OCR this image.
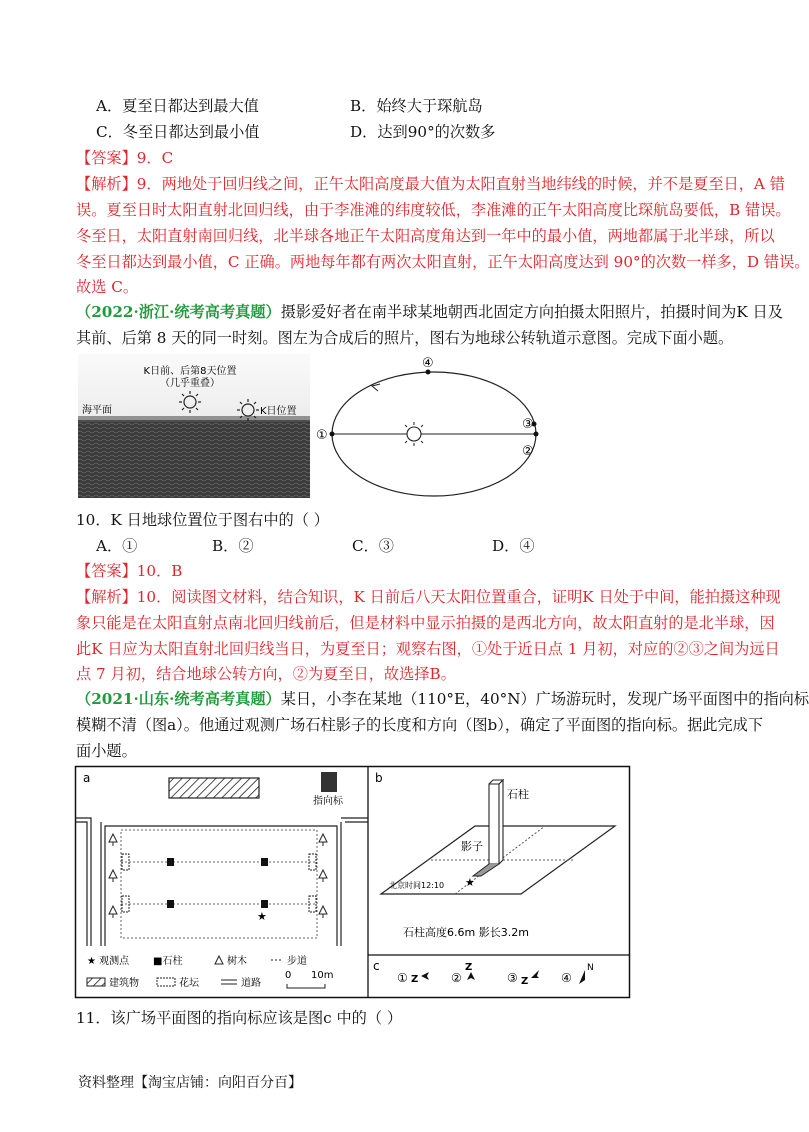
A．夏至日都达到最大值	B．始终大于琛航岛
C．冬至日都达到最小值	D．达到90°的次数多
【答案】9．C
【解析】9．两地处于回归线之间，正午太阳高度最大值为太阳直射当地纬线的时候，并不是夏至日，A 错
误。夏至日时太阳直射北回归线，由于李准滩的纬度较低，李准滩的正午太阳高度比琛航岛要低，B 错误。
冬至日，太阳直射南回归线，北半球各地正午太阳高度角达到一年中的最小值，两地都属于北半球，所以
冬至日都达到最小值，C 正确。两地每年都有两次太阳直射，正午太阳高度达到 90°的次数一样多，D 错误。
故选 C。
（2022·浙江·统考高考真题）摄影爱好者在南半球某地朝西北固定方向拍摄太阳照片，拍摄时间为K 日及
其前、后第 8 天的同一时刻。图左为合成后的照片，图右为地球公转轨道示意图。完成下面小题。
K日前、后第8天位置
（几乎重叠）
海平面	K日位置
①
②
③
④
10．K 日地球位置位于图右中的（ ）
A．①	B．②	C．③	D．④
【答案】10．B
【解析】10．阅读图文材料，结合知识，K 日前后八天太阳位置重合，证明K 日处于中间，能拍摄这种现
象只能是在太阳直射点南北回归线前后，但是材料中显示拍摄的是西北方向，故太阳直射的是北半球，因
此K 日应为太阳直射北回归线当日，为夏至日；观察右图，①处于近日点 1 月初，对应的②③之间为远日
点 7 月初，结合地球公转方向，②为夏至日，故选择B。
（2021·山东·统考高考真题）某日，小李在某地（110°E，40°N）广场游玩时，发现广场平面图中的指向标
模糊不清（图a）。他通过观测广场石柱影子的长度和方向（图b），确定了平面图的指向标。据此完成下
面小题。
a
指向标
★
★ 观测点 ■石柱	树木	步道
建筑物	花坛	道路
0 10m
b
石柱
影子
★
北京时间12:10
石柱高度6.6m 影长3.2m
c
① Z	②
Z
③ Z	④
N
11．该广场平面图的指向标应该是图c 中的（ ）
资料整理【淘宝店铺：向阳百分百】
